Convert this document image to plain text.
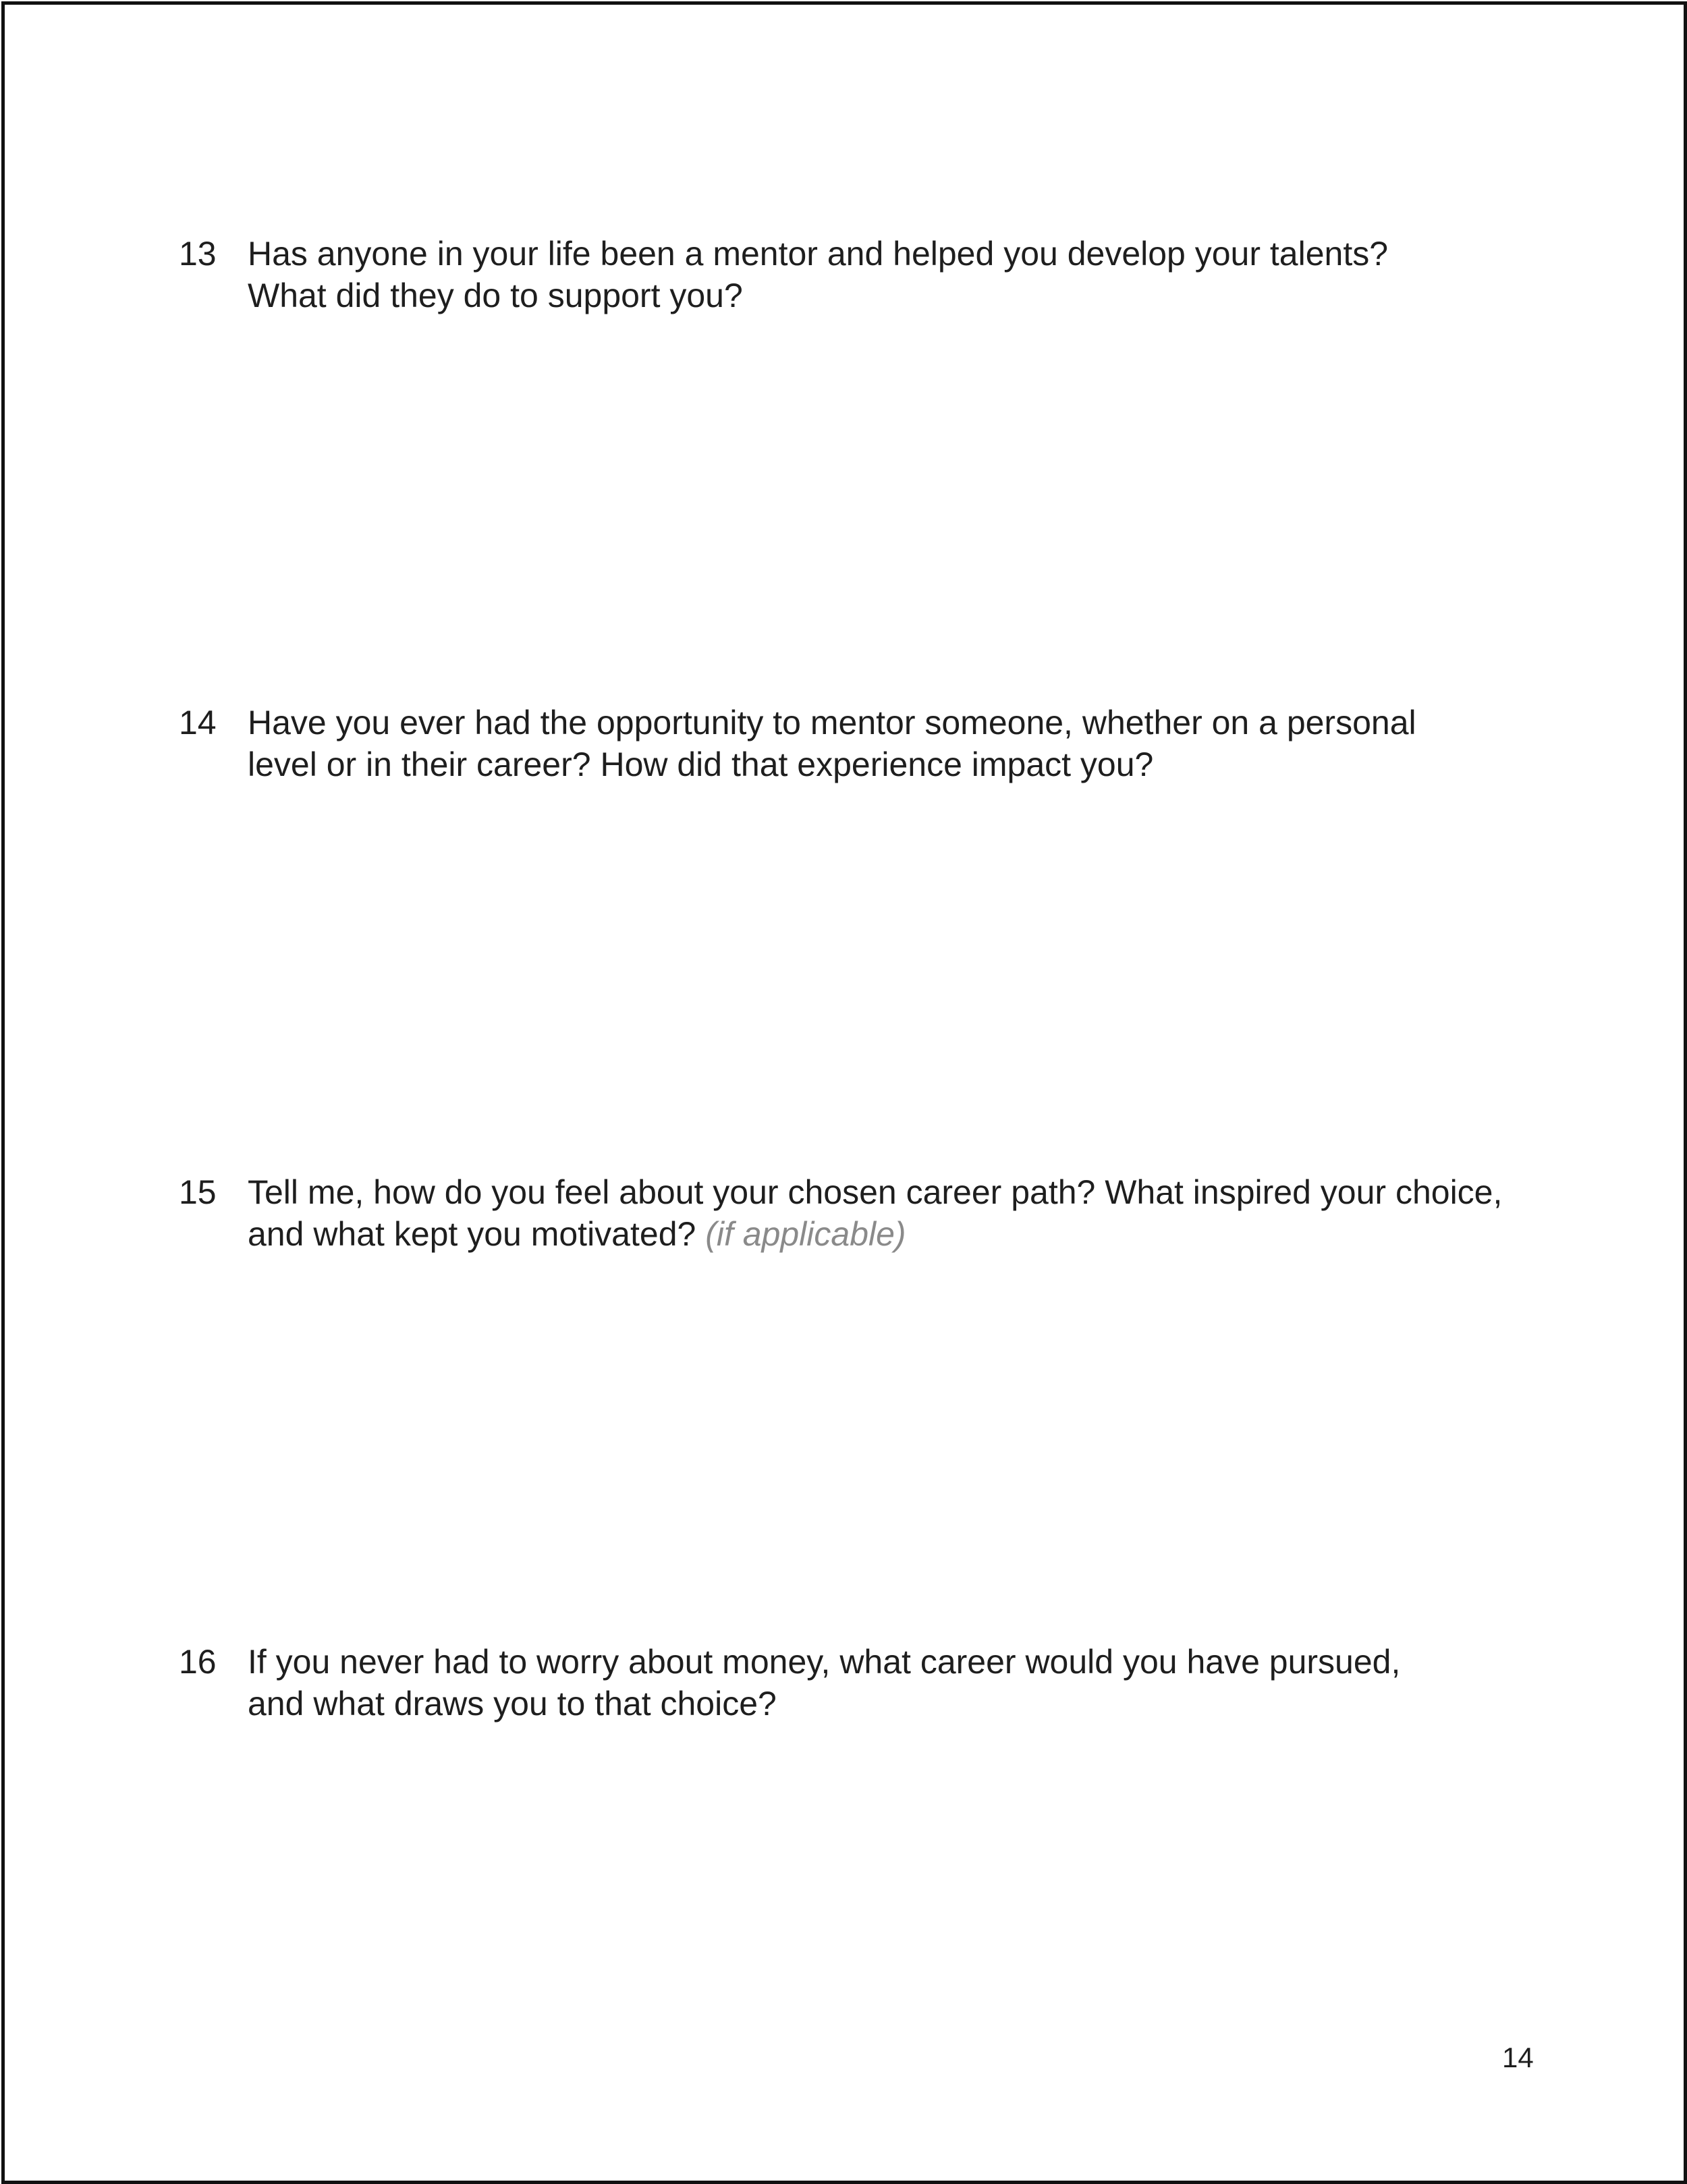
13 Has anyone in your life been a mentor and helped you develop your talents?
What did they do to support you?
14 Have you ever had the opportunity to mentor someone, whether on a personal
level or in their career? How did that experience impact you?
15 Tell me, how do you feel about your chosen career path? What inspired your choice,
and what kept you motivated? (if applicable)
16 If you never had to worry about money, what career would you have pursued,
and what draws you to that choice?
14
